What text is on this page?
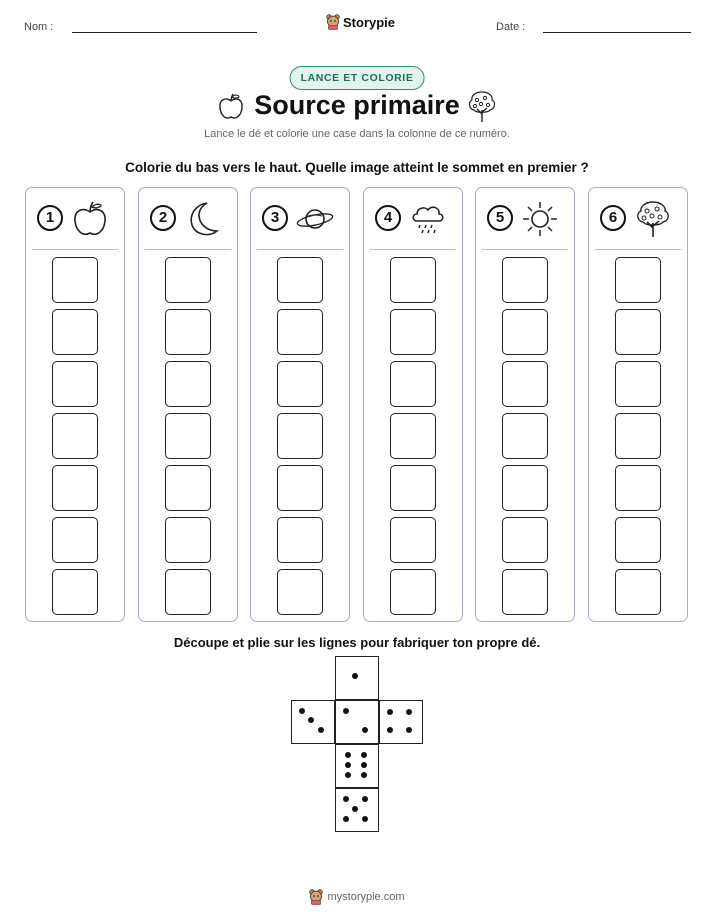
Nom :	Storypie	Date :
LANCE ET COLORIE
Source primaire
Lance le dé et colorie une case dans la colonne de ce numéro.
Colorie du bas vers le haut. Quelle image atteint le sommet en premier ?
1	2	3	4	5	6
Découpe et plie sur les lignes pour fabriquer ton propre dé.
mystorypie.com
